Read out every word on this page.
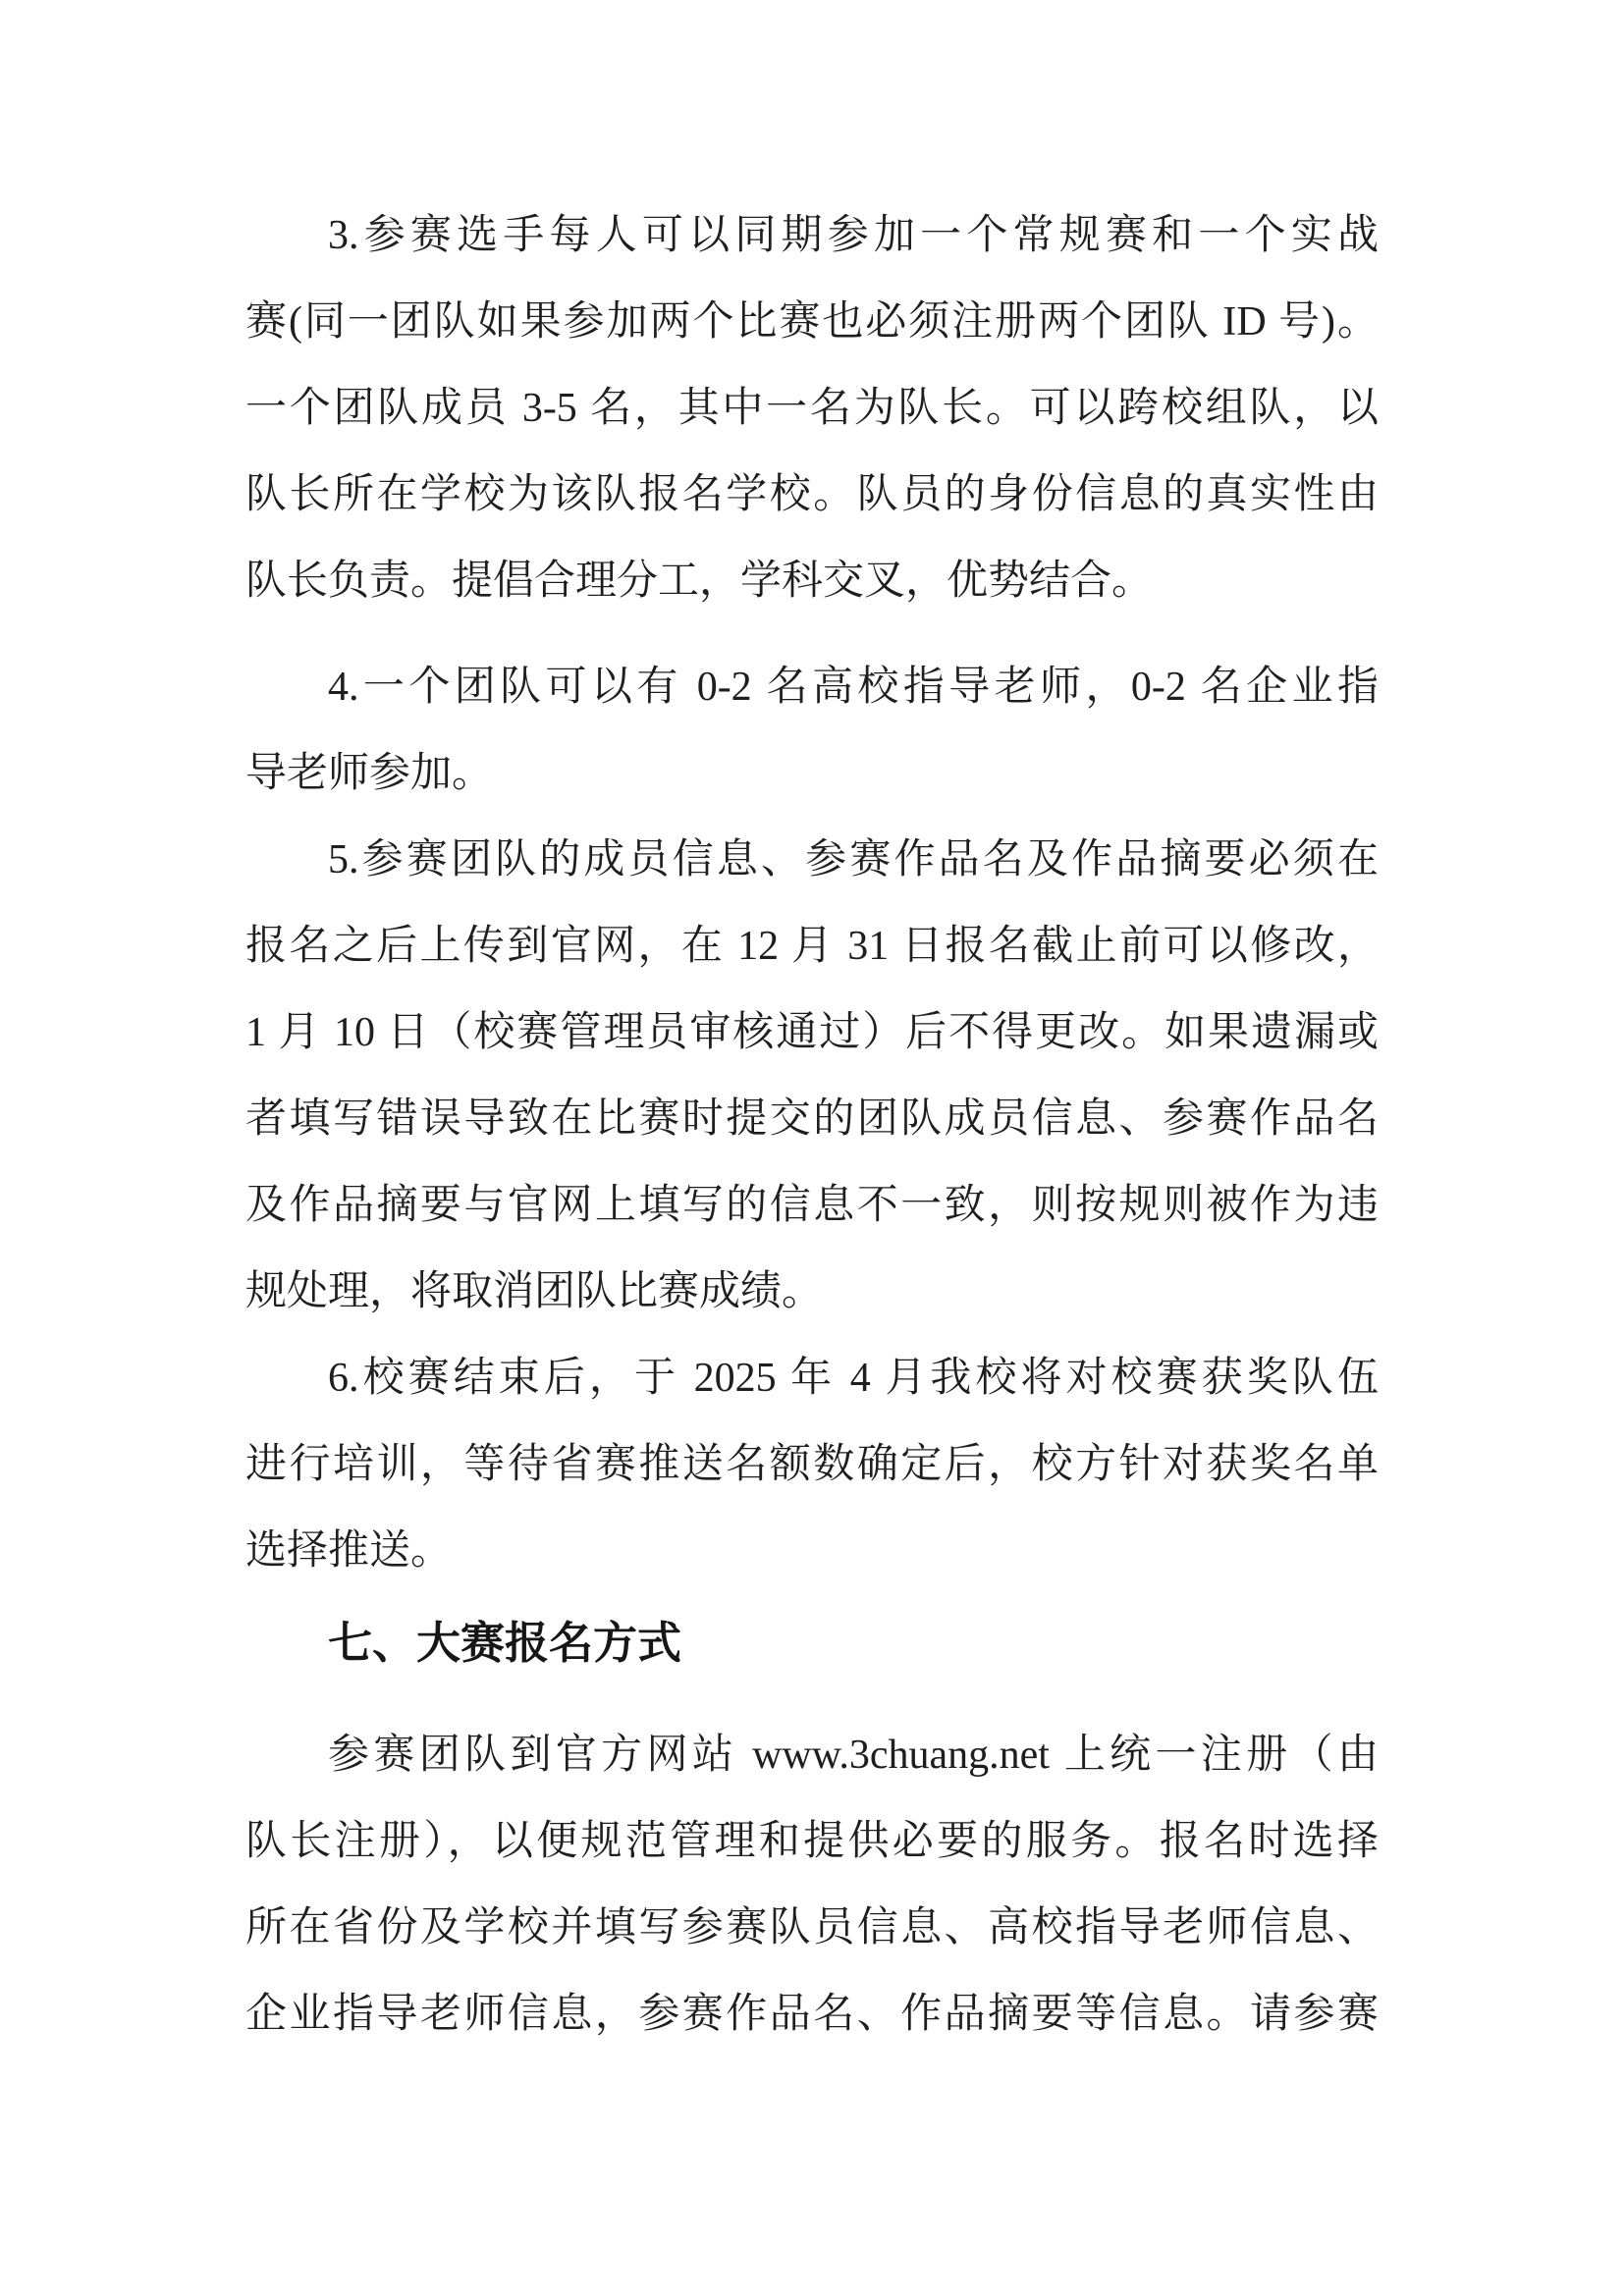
3.参赛选手每人可以同期参加一个常规赛和一个实战
赛(同一团队如果参加两个比赛也必须注册两个团队 ID 号)。
一个团队成员 3-5 名，其中一名为队长。可以跨校组队，以
队长所在学校为该队报名学校。队员的身份信息的真实性由
队长负责。提倡合理分工，学科交叉，优势结合。

4.一个团队可以有 0-2 名高校指导老师，0-2 名企业指
导老师参加。

5.参赛团队的成员信息、参赛作品名及作品摘要必须在
报名之后上传到官网，在 12 月 31 日报名截止前可以修改，
1 月 10 日（校赛管理员审核通过）后不得更改。如果遗漏或
者填写错误导致在比赛时提交的团队成员信息、参赛作品名
及作品摘要与官网上填写的信息不一致，则按规则被作为违
规处理，将取消团队比赛成绩。

6.校赛结束后，于 2025 年 4 月我校将对校赛获奖队伍
进行培训，等待省赛推送名额数确定后，校方针对获奖名单
选择推送。

七、大赛报名方式

参赛团队到官方网站 www.3chuang.net 上统一注册（由
队长注册），以便规范管理和提供必要的服务。报名时选择
所在省份及学校并填写参赛队员信息、高校指导老师信息、
企业指导老师信息，参赛作品名、作品摘要等信息。请参赛
